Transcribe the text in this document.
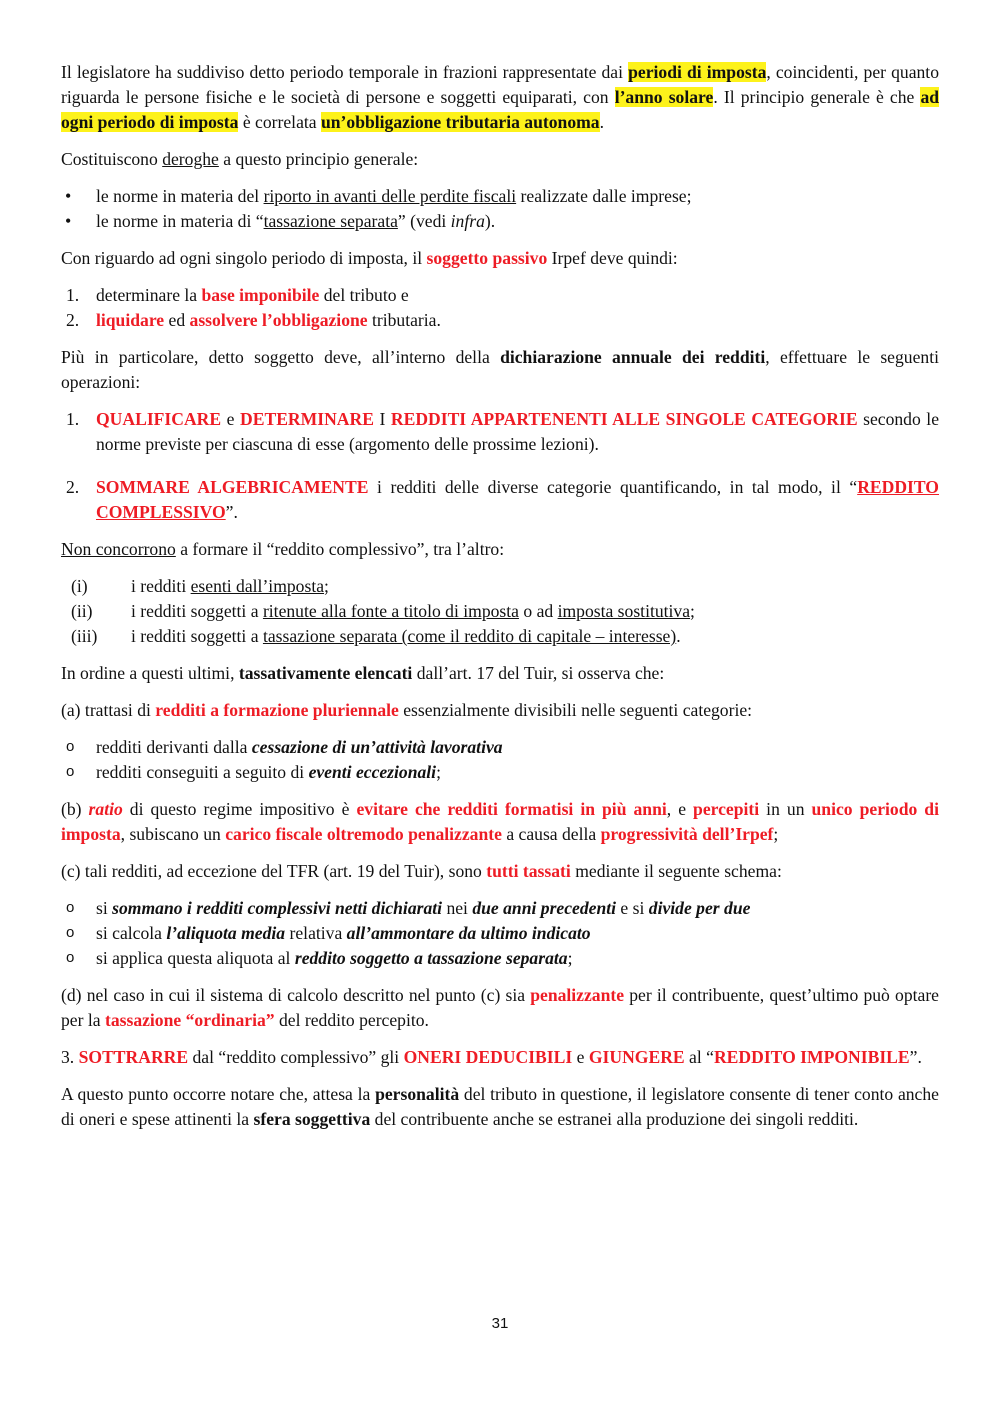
Il legislatore ha suddiviso detto periodo temporale in frazioni rappresentate dai periodi di imposta, coincidenti, per quanto riguarda le persone fisiche e le società di persone e soggetti equiparati, con l’anno solare. Il principio generale è che ad ogni periodo di imposta è correlata un’obbligazione tributaria autonoma.

Costituiscono deroghe a questo principio generale:

• le norme in materia del riporto in avanti delle perdite fiscali realizzate dalle imprese;
• le norme in materia di “tassazione separata” (vedi infra).

Con riguardo ad ogni singolo periodo di imposta, il soggetto passivo Irpef deve quindi:

1. determinare la base imponibile del tributo e
2. liquidare ed assolvere l’obbligazione tributaria.

Più in particolare, detto soggetto deve, all’interno della dichiarazione annuale dei redditi, effettuare le seguenti operazioni:

1. QUALIFICARE e DETERMINARE I REDDITI APPARTENENTI ALLE SINGOLE CATEGORIE secondo le norme previste per ciascuna di esse (argomento delle prossime lezioni).
2. SOMMARE ALGEBRICAMENTE i redditi delle diverse categorie quantificando, in tal modo, il “REDDITO COMPLESSIVO”.

Non concorrono a formare il “reddito complessivo”, tra l’altro:

(i) i redditi esenti dall’imposta;
(ii) i redditi soggetti a ritenute alla fonte a titolo di imposta o ad imposta sostitutiva;
(iii) i redditi soggetti a tassazione separata (come il reddito di capitale – interesse).

In ordine a questi ultimi, tassativamente elencati dall’art. 17 del Tuir, si osserva che:

(a) trattasi di redditi a formazione pluriennale essenzialmente divisibili nelle seguenti categorie:

o redditi derivanti dalla cessazione di un’attività lavorativa
o redditi conseguiti a seguito di eventi eccezionali;

(b) ratio di questo regime impositivo è evitare che redditi formatisi in più anni, e percepiti in un unico periodo di imposta, subiscano un carico fiscale oltremodo penalizzante a causa della progressività dell’Irpef;

(c) tali redditi, ad eccezione del TFR (art. 19 del Tuir), sono tutti tassati mediante il seguente schema:

o si sommano i redditi complessivi netti dichiarati nei due anni precedenti e si divide per due
o si calcola l’aliquota media relativa all’ammontare da ultimo indicato
o si applica questa aliquota al reddito soggetto a tassazione separata;

(d) nel caso in cui il sistema di calcolo descritto nel punto (c) sia penalizzante per il contribuente, quest’ultimo può optare per la tassazione “ordinaria” del reddito percepito.

3. SOTTRARRE dal “reddito complessivo” gli ONERI DEDUCIBILI e GIUNGERE al “REDDITO IMPONIBILE”.

A questo punto occorre notare che, attesa la personalità del tributo in questione, il legislatore consente di tener conto anche di oneri e spese attinenti la sfera soggettiva del contribuente anche se estranei alla produzione dei singoli redditi.

31
